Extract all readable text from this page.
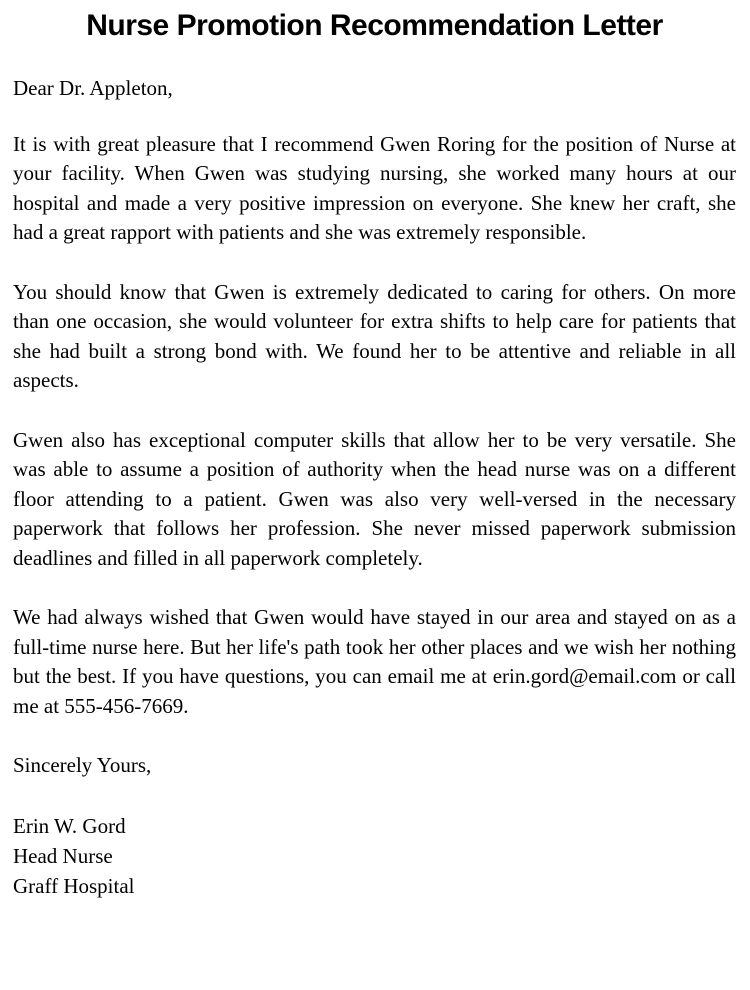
Nurse Promotion Recommendation Letter

Dear Dr. Appleton,

It is with great pleasure that I recommend Gwen Roring for the position of Nurse at your facility. When Gwen was studying nursing, she worked many hours at our hospital and made a very positive impression on everyone. She knew her craft, she had a great rapport with patients and she was extremely responsible.

You should know that Gwen is extremely dedicated to caring for others. On more than one occasion, she would volunteer for extra shifts to help care for patients that she had built a strong bond with. We found her to be attentive and reliable in all aspects.

Gwen also has exceptional computer skills that allow her to be very versatile. She was able to assume a position of authority when the head nurse was on a different floor attending to a patient. Gwen was also very well-versed in the necessary paperwork that follows her profession. She never missed paperwork submission deadlines and filled in all paperwork completely.

We had always wished that Gwen would have stayed in our area and stayed on as a full-time nurse here. But her life's path took her other places and we wish her nothing but the best. If you have questions, you can email me at erin.gord@email.com or call me at 555-456-7669.

Sincerely Yours,

Erin W. Gord
Head Nurse
Graff Hospital
